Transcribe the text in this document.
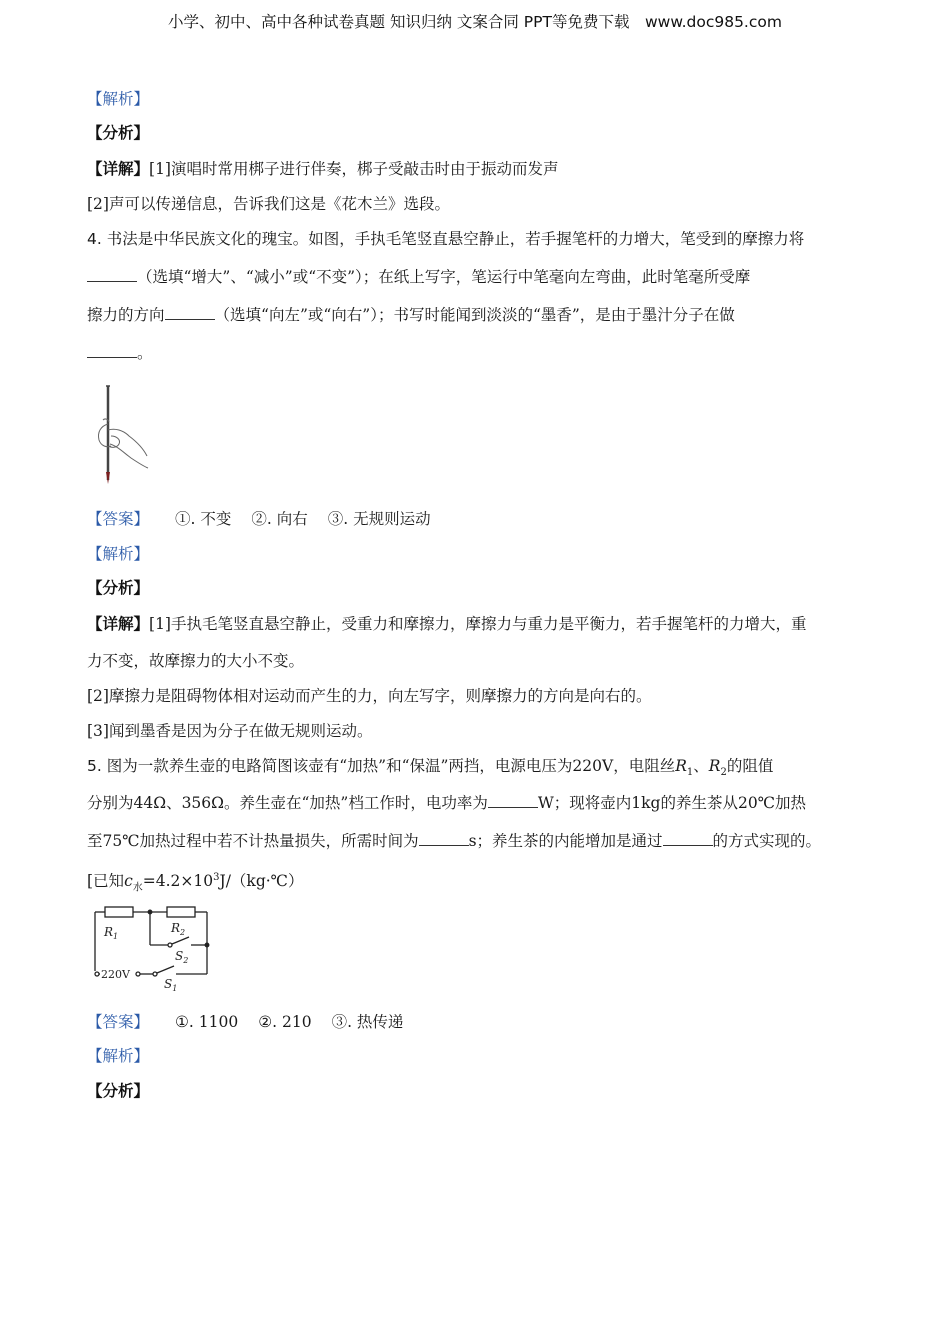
小学、初中、高中各种试卷真题 知识归纳 文案合同 PPT等免费下载　www.doc985.com
【解析】
【分析】
【详解】[1]演唱时常用梆子进行伴奏，梆子受敲击时由于振动而发声
[2]声可以传递信息，告诉我们这是《花木兰》选段。
4. 书法是中华民族文化的瑰宝。如图，手执毛笔竖直悬空静止，若手握笔杆的力增大，笔受到的摩擦力将
（选填“增大”、“减小”或“不变”）；在纸上写字，笔运行中笔毫向左弯曲，此时笔毫所受摩
擦力的方向	（选填“向左”或“向右”）；书写时能闻到淡淡的“墨香”，是由于墨汁分子在做
。
【答案】 ①. 不变 ②. 向右 ③. 无规则运动
【解析】
【分析】
【详解】[1]手执毛笔竖直悬空静止，受重力和摩擦力，摩擦力与重力是平衡力，若手握笔杆的力增大，重
力不变，故摩擦力的大小不变。
[2]摩擦力是阻碍物体相对运动而产生的力，向左写字，则摩擦力的方向是向右的。
[3]闻到墨香是因为分子在做无规则运动。
5. 图为一款养生壶的电路简图该壶有“加热”和“保温”两挡，电源电压为220V，电阻丝$R_1$、$R_2$的阻值
分别为44Ω、356Ω。养生壶在“加热”档工作时，电功率为	W；现将壶内1kg的养生茶从20℃加热
至75℃加热过程中若不计热量损失，所需时间为	s；养生茶的内能增加是通过	的方式实现的。
[已知$c_水=4.2\times 10^3J/(kg\cdot℃)$
$R_1$
$R_2$
$S_2$
$S_1$
220V
【答案】 ①. 1100 ②. 210 ③. 热传递
【解析】
【分析】
